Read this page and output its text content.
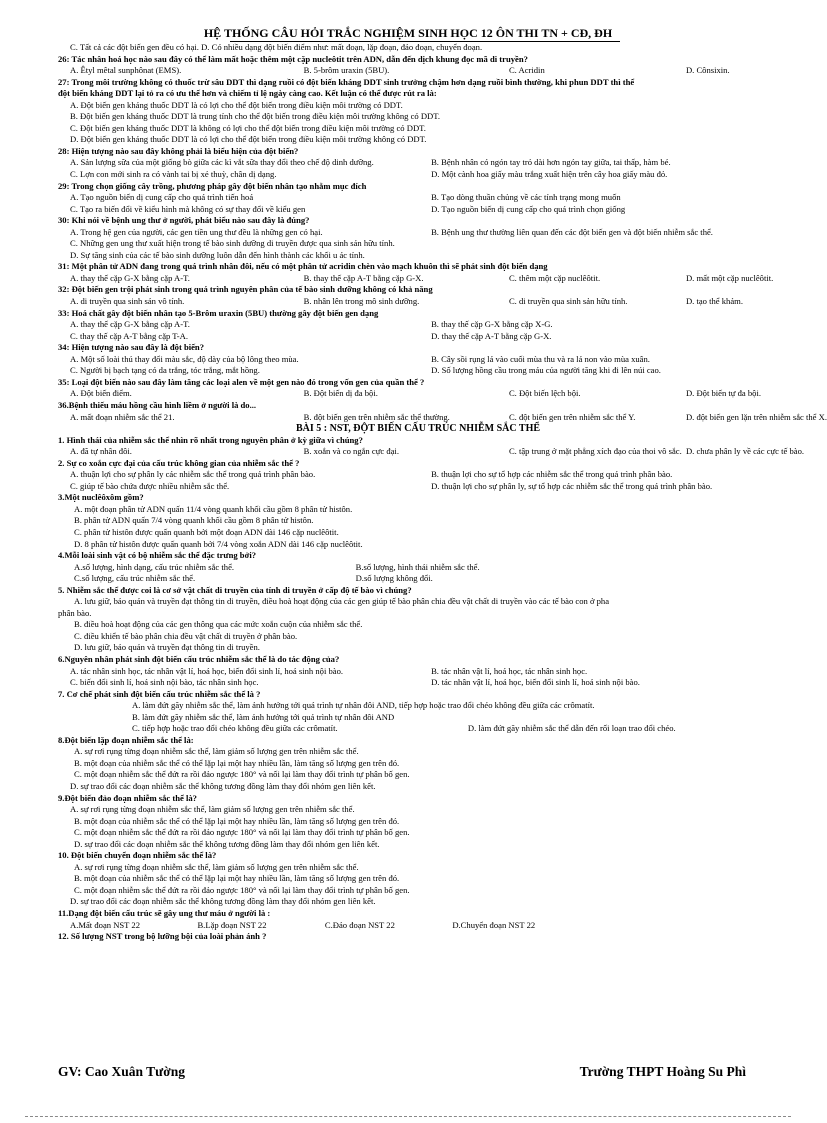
HỆ THỐNG CÂU HỎI TRẮC NGHIỆM SINH HỌC 12 ÔN THI TN + CĐ, ĐH
C. Tất cả các đột biến gen đều có hại. D. Có nhiều dạng đột biến điểm như: mất đoạn, lặp đoạn, đảo đoạn, chuyển đoạn.
26: Tác nhân hoá học nào sau đây có thể làm mất hoặc thêm một cặp nucleôtit trên ADN, dẫn đến dịch khung đọc mã di truyền?
A. Êtyl mêtal sunphônat (EMS).	B. 5-brôm uraxin (5BU).	C. Acridin	D. Cônsixin.
27: Trong môi trường không có thuốc trừ sâu DDT thì dạng ruồi có đột biến kháng DDT sinh trưởng chậm hơn dạng ruồi bình thường, khi phun DDT thì thể
đột biến kháng DDT lại tỏ ra có ưu thế hơn và chiếm tỉ lệ ngày càng cao. Kết luận có thể được rút ra là:
A. Đột biến gen kháng thuốc DDT là có lợi cho thể đột biến trong điều kiện môi trường có DDT.
B. Đột biến gen kháng thuốc DDT là trung tính cho thể đột biến trong điều kiện môi trường không có DDT.
C. Đột biến gen kháng thuốc DDT là không có lợi cho thể đột biến trong điều kiện môi trường có DDT.
D. Đột biến gen kháng thuốc DDT là có lợi cho thể đột biến trong điều kiện môi trường không có DDT.
28: Hiện tượng nào sau đây không phải là biểu hiện của đột biến?
A. Sản lượng sữa của một giống bò giữa các kì vắt sữa thay đổi theo chế độ dinh dưỡng.	B. Bệnh nhân có ngón tay trỏ dài hơn ngón tay giữa, tai thấp, hàm bé.
C. Lợn con mới sinh ra có vành tai bị xẻ thuỳ, chân dị dạng.	D. Một cành hoa giấy màu trắng xuất hiện trên cây hoa giấy màu đỏ.
29: Trong chọn giống cây trồng, phương pháp gây đột biến nhân tạo nhằm mục đích
A. Tạo nguồn biến dị cung cấp cho quá trình tiến hoá	B. Tạo dòng thuần chủng về các tính trạng mong muốn
C. Tạo ra biến đổi về kiểu hình mà không có sự thay đổi về kiểu gen	D. Tạo nguồn biến dị cung cấp cho quá trình chọn giống
30: Khi nói về bệnh ung thư ở người, phát biểu nào sau đây là đúng?
A. Trong hệ gen của người, các gen tiền ung thư đều là những gen có hại.	B. Bệnh ung thư thường liên quan đến các đột biến gen và đột biến nhiễm sắc thể.
C. Những gen ung thư xuất hiện trong tế bào sinh dưỡng di truyền được qua sinh sản hữu tính.
D. Sự tăng sinh của các tế bào sinh dưỡng luôn dẫn đến hình thành các khối u ác tính.
31: Một phân tử ADN đang trong quá trình nhân đôi, nếu có một phân tử acridin chèn vào mạch khuôn thì sẽ phát sinh đột biến dạng
A. thay thế cặp G-X bằng cặp A-T.	B. thay thế cặp A-T bằng cặp G-X.	C. thêm một cặp nuclêôtit.	D. mất một cặp nuclêôtit.
32: Đột biến gen trội phát sinh trong quá trình nguyên phân của tế bào sinh dưỡng không có khả năng
A. di truyền qua sinh sản vô tính.	B. nhân lên trong mô sinh dưỡng.	C. di truyền qua sinh sản hữu tính.	D. tạo thể khảm.
33: Hoá chất gây đột biến nhân tạo 5-Brôm uraxin (5BU) thường gây đột biến gen dạng
A. thay thế cặp G-X bằng cặp A-T.	B. thay thế cặp G-X bằng cặp X-G.
C. thay thế cặp A-T bằng cặp T-A.	D. thay thế cặp A-T bằng cặp G-X.
34: Hiện tượng nào sau đây là đột biến?
A. Một số loài thú thay đổi màu sắc, độ dày của bộ lông theo mùa.	B. Cây sồi rụng lá vào cuối mùa thu và ra lá non vào mùa xuân.
C. Người bị bạch tạng có da trắng, tóc trắng, mắt hồng.	D. Số lượng hồng cầu trong máu của người tăng khi đi lên núi cao.
35: Loại đột biến nào sau đây làm tăng các loại alen về một gen nào đó trong vốn gen của quần thể ?
A. Đột biến điểm.	B. Đột biến dị đa bội.	C. Đột biến lệch bội.	D. Đột biến tự đa bội.
36.Bệnh thiếu máu hồng cầu hình liềm ở người là do...
A. mất đoạn nhiễm sắc thể 21.	B. đột biến gen trên nhiễm sắc thể thường.	C. đột biến gen trên nhiễm sắc thể Y.	D. đột biến gen lặn trên nhiễm sắc thể X.
BÀI 5 : NST, ĐỘT BIẾN CẤU TRÚC NHIỄM SẮC THỂ
1. Hình thái của nhiễm sắc thể nhìn rõ nhất trong nguyên phân ở kỳ giữa vì chúng?
A. đã tự nhân đôi.	B. xoắn và co ngắn cực đại.	C. tập trung ở mặt phẳng xích đạo của thoi vô sắc. D. chưa phân ly về các cực tế bào.
2. Sự co xoắn cực đại của cấu trúc không gian của nhiễm sắc thể ?
A. thuận lợi cho sự phân ly các nhiễm sắc thể trong quá trình phân bào.	B. thuận lợi cho sự tổ hợp các nhiễm sắc thể trong quá trình phân bào.
C. giúp tế bào chứa được nhiều nhiễm sắc thể.	D. thuận lợi cho sự phân ly, sự tổ hợp các nhiễm sắc thể trong quá trình phân bào.
3.Một nuclêôxôm gồm?
A. một đoạn phân tử ADN quấn 11/4 vòng quanh khối cầu gồm 8 phân tử histôn.
B. phân tử ADN quấn 7/4 vòng quanh khối cầu gồm 8 phân tử histôn.
C. phân tử histôn được quấn quanh bởi một đoạn ADN dài 146 cặp nuclêôtit.
D. 8 phân tử histôn được quấn quanh bởi 7/4 vòng xoắn ADN dài 146 cặp nuclêôtit.
4.Mỗi loài sinh vật có bộ nhiễm sắc thể đặc trưng bởi?
A.số lượng, hình dạng, cấu trúc nhiễm sắc thể.	B.số lượng, hình thái nhiễm sắc thể.
C.số lượng, cấu trúc nhiễm sắc thể.	D.số lượng không đổi.
5. Nhiễm sắc thể được coi là cơ sở vật chất di truyền của tính di truyền ở cấp độ tế bào vì chúng?
A. lưu giữ, bảo quản và truyền đạt thông tin di truyền, điều hoà hoạt động của các gen giúp tế bào phân chia đều vật chất di truyền vào các tế bào con ở pha
phân bào.
B. điều hoà hoạt động của các gen thông qua các mức xoắn cuộn của nhiễm sắc thể.
C. điều khiển tế bào phân chia đều vật chất di truyền ở phân bào.
D. lưu giữ, bảo quản và truyền đạt thông tin di truyền.
6.Nguyên nhân phát sinh đột biến cấu trúc nhiễm sắc thể là do tác động của?
A. tác nhân sinh học, tác nhân vật lí, hoá học, biến đổi sinh lí, hoá sinh nội bào.	B. tác nhân vật lí, hoá học, tác nhân sinh học.
C. biến đổi sinh lí, hoá sinh nội bào, tác nhân sinh học.	D. tác nhân vật lí, hoá học, biến đổi sinh lí, hoá sinh nội bào.
7. Cơ chế phát sinh đột biến cấu trúc nhiễm sắc thể là ?
A. làm đứt gãy nhiễm sắc thể, làm ảnh hưởng tới quá trình tự nhân đôi AND, tiếp hợp hoặc trao đổi chéo không đều giữa các crômatít.
B. làm đứt gãy nhiễm sắc thể, làm ảnh hưởng tới quá trình tự nhân đôi AND
C. tiếp hợp hoặc trao đổi chéo không đều giữa các crômatít.	D. làm đứt gãy nhiễm sắc thể dẫn đến rối loạn trao đổi chéo.
8.Đột biến lặp đoạn nhiễm sắc thể là:
A. sự rơi rụng từng đoạn nhiễm sắc thể, làm giảm số lượng gen trên nhiễm sắc thể.
B. một đoạn của nhiễm sắc thể có thể lặp lại một hay nhiều lần, làm tăng số lượng gen trên đó.
C. một đoạn nhiễm sắc thể đứt ra rồi đảo ngược 180° và nối lại làm thay đổi trình tự phân bố gen.
D. sự trao đổi các đoạn nhiễm sắc thể không tương đồng làm thay đổi nhóm gen liên kết.
9.Đột biến đảo đoạn nhiễm sắc thể là?
A. sự rơi rụng từng đoạn nhiễm sắc thể, làm giảm số lượng gen trên nhiễm sắc thể.
B. một đoạn của nhiễm sắc thể có thể lặp lại một hay nhiều lần, làm tăng số lượng gen trên đó.
C. một đoạn nhiễm sắc thể đứt ra rồi đảo ngược 180° và nối lại làm thay đổi trình tự phân bố gen.
D. sự trao đổi các đoạn nhiễm sắc thể không tương đồng làm thay đổi nhóm gen liên kết.
10. Đột biến chuyển đoạn nhiễm sắc thể là?
A. sự rơi rụng từng đoạn nhiễm sắc thể, làm giảm số lượng gen trên nhiễm sắc thể.
B. một đoạn của nhiễm sắc thể có thể lặp lại một hay nhiều lần, làm tăng số lượng gen trên đó.
C. một đoạn nhiễm sắc thể đứt ra rồi đảo ngược 180° và nối lại làm thay đổi trình tự phân bố gen.
D. sự trao đổi các đoạn nhiễm sắc thể không tương đồng làm thay đổi nhóm gen liên kết.
11.Dạng đột biến cấu trúc sẽ gây ung thư máu ở người là :
A.Mất đoạn NST 22	B.Lặp đoạn NST 22	C.Đảo đoạn NST 22	D.Chuyển đoạn NST 22
12. Số lượng NST trong bộ lưỡng bội của loài phản ánh ?
GV: Cao Xuân Tường	Trường THPT Hoàng Su Phì
